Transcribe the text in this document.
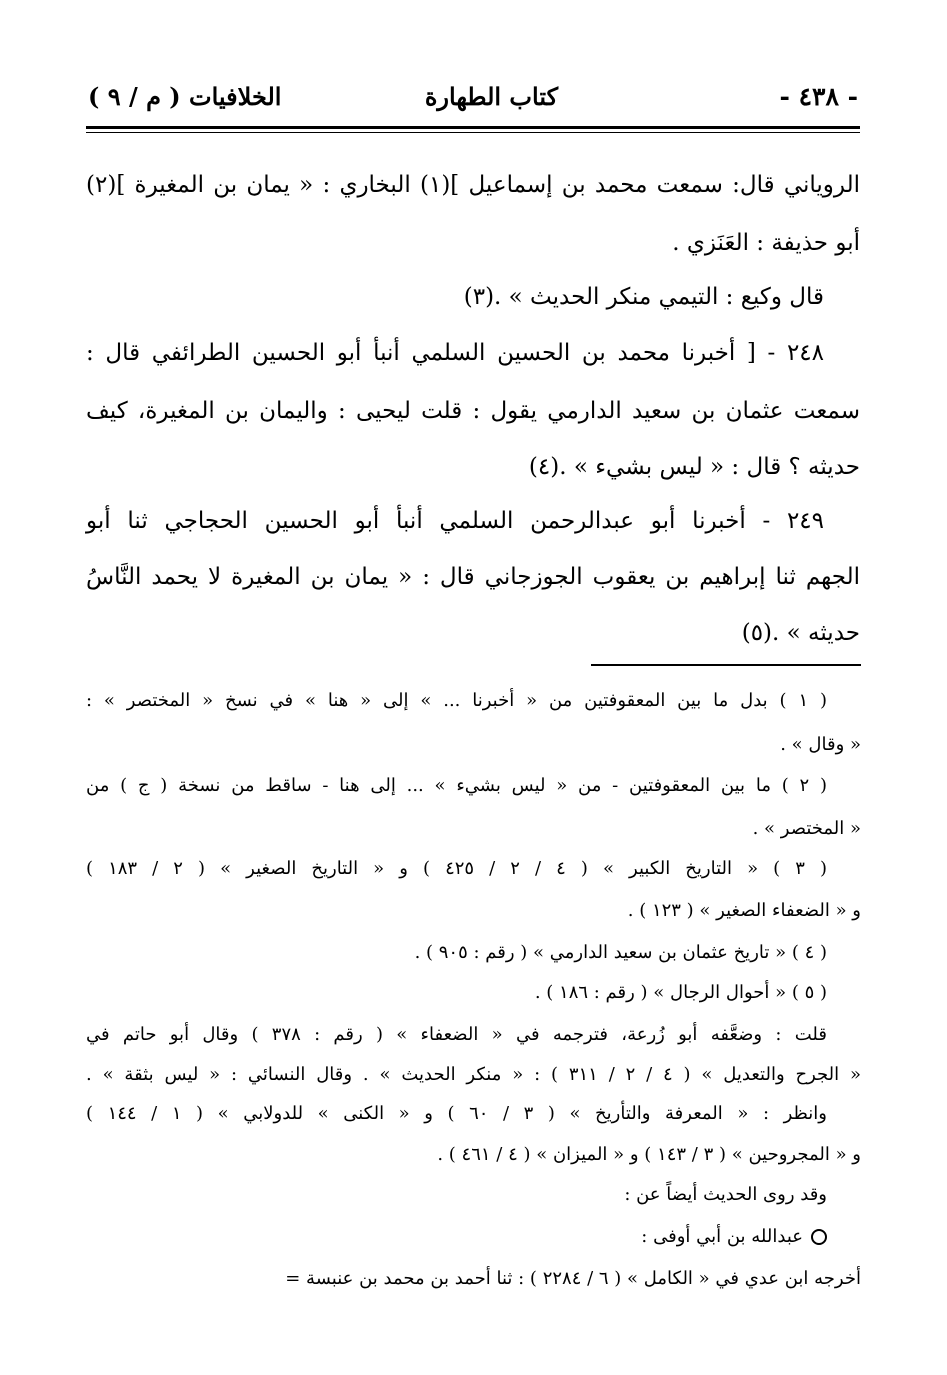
- ٤٣٨ -
كتاب الطهارة
الخلافيات ( م / ٩ )
الروياني قال: سمعت محمد بن إسماعيل ](١) البخاري : « يمان بن المغيرة ](٢)
أبو حذيفة : العَنَزي .
قال وكيع : التيمي منكر الحديث » .(٣)
٢٤٨ - [ أخبرنا محمد بن الحسين السلمي أنبأ أبو الحسين الطرائفي قال :
سمعت عثمان بن سعيد الدارمي يقول : قلت ليحيى : واليمان بن المغيرة، كيف
حديثه ؟ قال : « ليس بشيء » .(٤)
٢٤٩ - أخبرنا أبو عبدالرحمن السلمي أنبأ أبو الحسين الحجاجي ثنا أبو
الجهم ثنا إبراهيم بن يعقوب الجوزجاني قال : « يمان بن المغيرة لا يحمد النَّاسُ
حديثه » .(٥)
( ١ ) بدل ما بين المعقوفتين من « أخبرنا ... » إلى « هنا » في نسخ « المختصر » :
« وقال » .
( ٢ ) ما بين المعقوفتين - من « ليس بشيء » ... إلى هنا - ساقط من نسخة ( ج ) من
« المختصر » .
( ٣ ) « التاريخ الكبير » ( ٤ / ٢ / ٤٢٥ ) و « التاريخ الصغير » ( ٢ / ١٨٣ )
و « الضعفاء الصغير » ( ١٢٣ ) .
( ٤ ) « تاريخ عثمان بن سعيد الدارمي » ( رقم : ٩٠٥ ) .
( ٥ ) « أحوال الرجال » ( رقم : ١٨٦ ) .
قلت : وضعَّفه أبو زُرعة، فترجمه في « الضعفاء » ( رقم : ٣٧٨ ) وقال أبو حاتم في
« الجرح والتعديل » ( ٤ / ٢ / ٣١١ ) : « منكر الحديث » . وقال النسائي : « ليس بثقة » .
وانظر : « المعرفة والتأريخ » ( ٣ / ٦٠ ) و « الكنى » للدولابي » ( ١ / ١٤٤ )
و « المجروحين » ( ٣ / ١٤٣ ) و « الميزان » ( ٤ / ٤٦١ ) .
وقد روى الحديث أيضاً عن :
عبدالله بن أبي أوفى :
أخرجه ابن عدي في « الكامل » ( ٦ / ٢٢٨٤ ) : ثنا أحمد بن محمد بن عنبسة =
